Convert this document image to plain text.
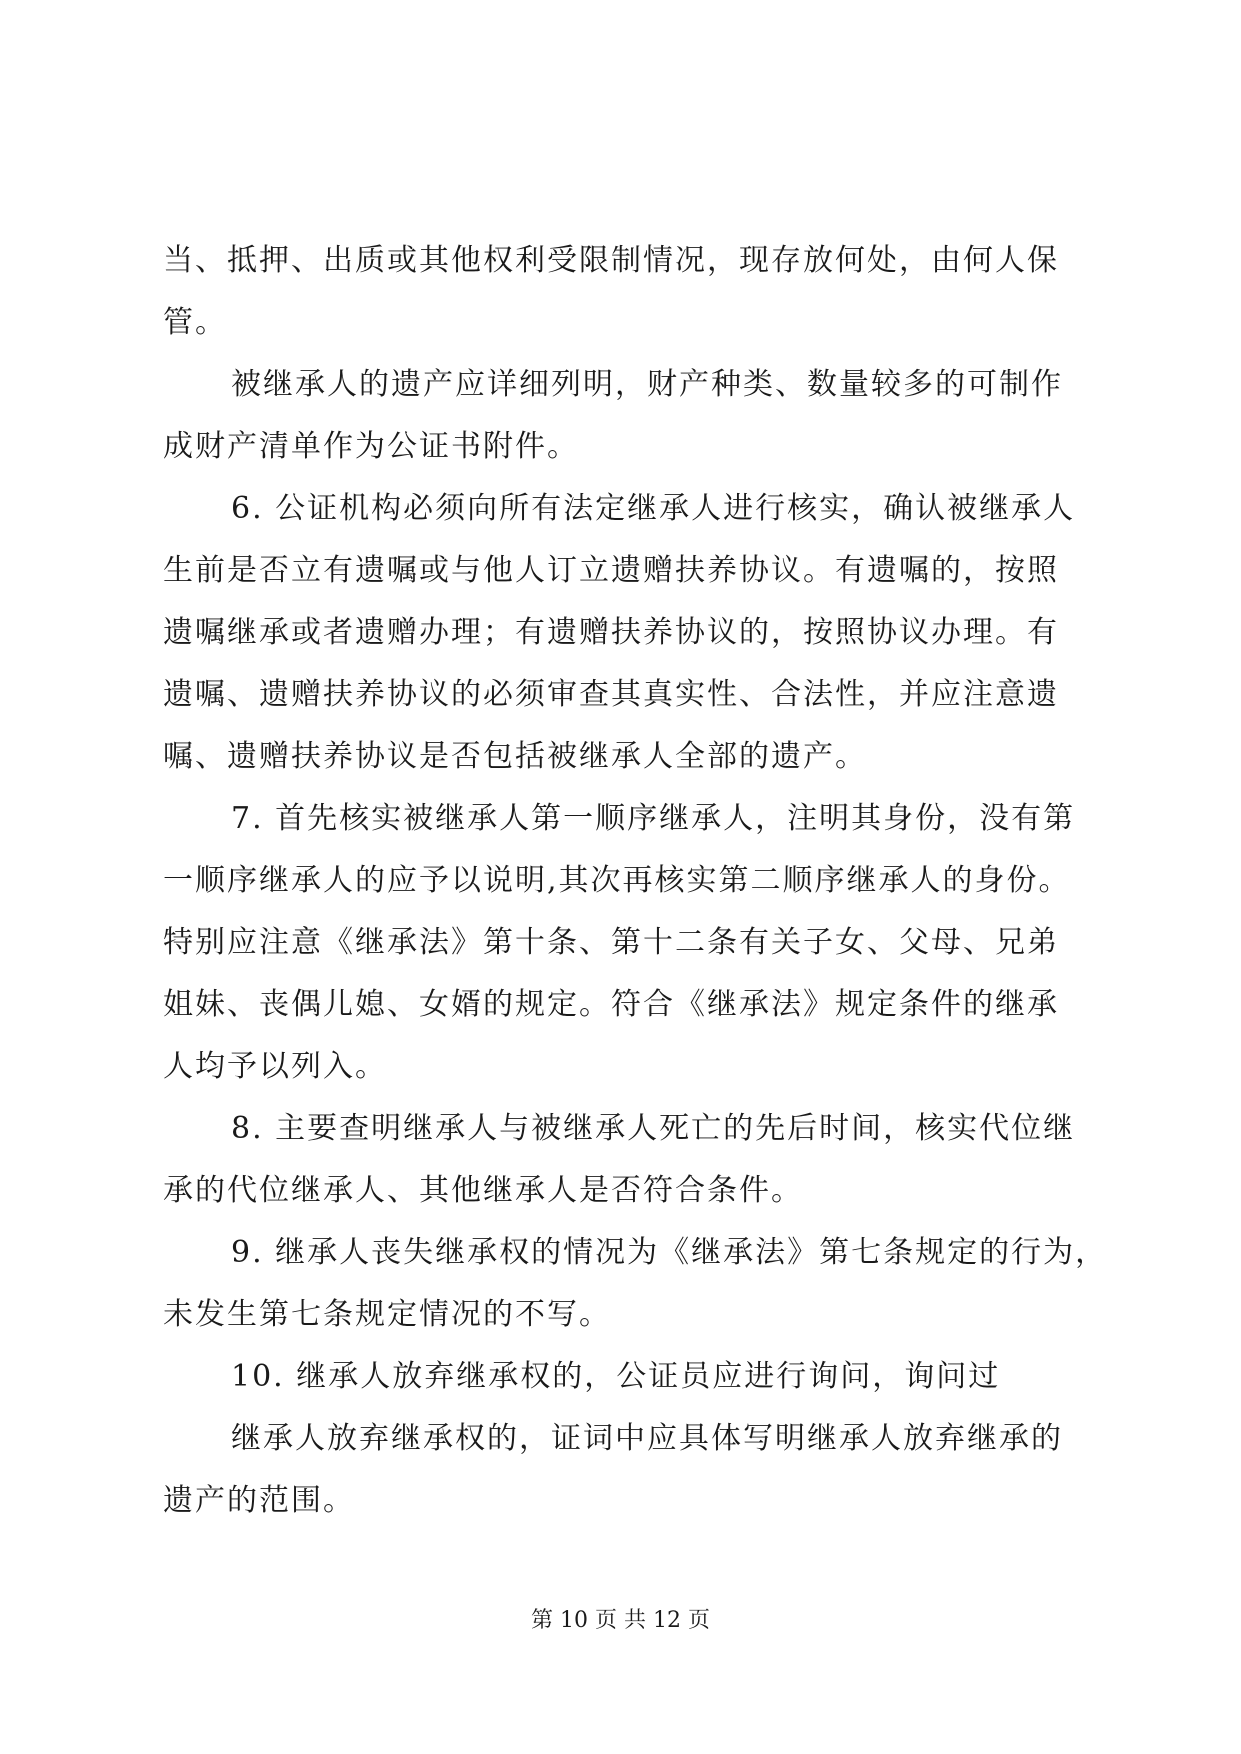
当、抵押、出质或其他权利受限制情况，现存放何处，由何人保
管。
被继承人的遗产应详细列明，财产种类、数量较多的可制作
成财产清单作为公证书附件。
6. 公证机构必须向所有法定继承人进行核实，确认被继承人
生前是否立有遗嘱或与他人订立遗赠扶养协议。有遗嘱的，按照
遗嘱继承或者遗赠办理；有遗赠扶养协议的，按照协议办理。有
遗嘱、遗赠扶养协议的必须审查其真实性、合法性，并应注意遗
嘱、遗赠扶养协议是否包括被继承人全部的遗产。
7. 首先核实被继承人第一顺序继承人，注明其身份，没有第
一顺序继承人的应予以说明,其次再核实第二顺序继承人的身份。
特别应注意《继承法》第十条、第十二条有关子女、父母、兄弟
姐妹、丧偶儿媳、女婿的规定。符合《继承法》规定条件的继承
人均予以列入。
8. 主要查明继承人与被继承人死亡的先后时间，核实代位继
承的代位继承人、其他继承人是否符合条件。
9. 继承人丧失继承权的情况为《继承法》第七条规定的行为，
未发生第七条规定情况的不写。
10. 继承人放弃继承权的，公证员应进行询问，询问过
继承人放弃继承权的，证词中应具体写明继承人放弃继承的
遗产的范围。
第 10 页 共 12 页
